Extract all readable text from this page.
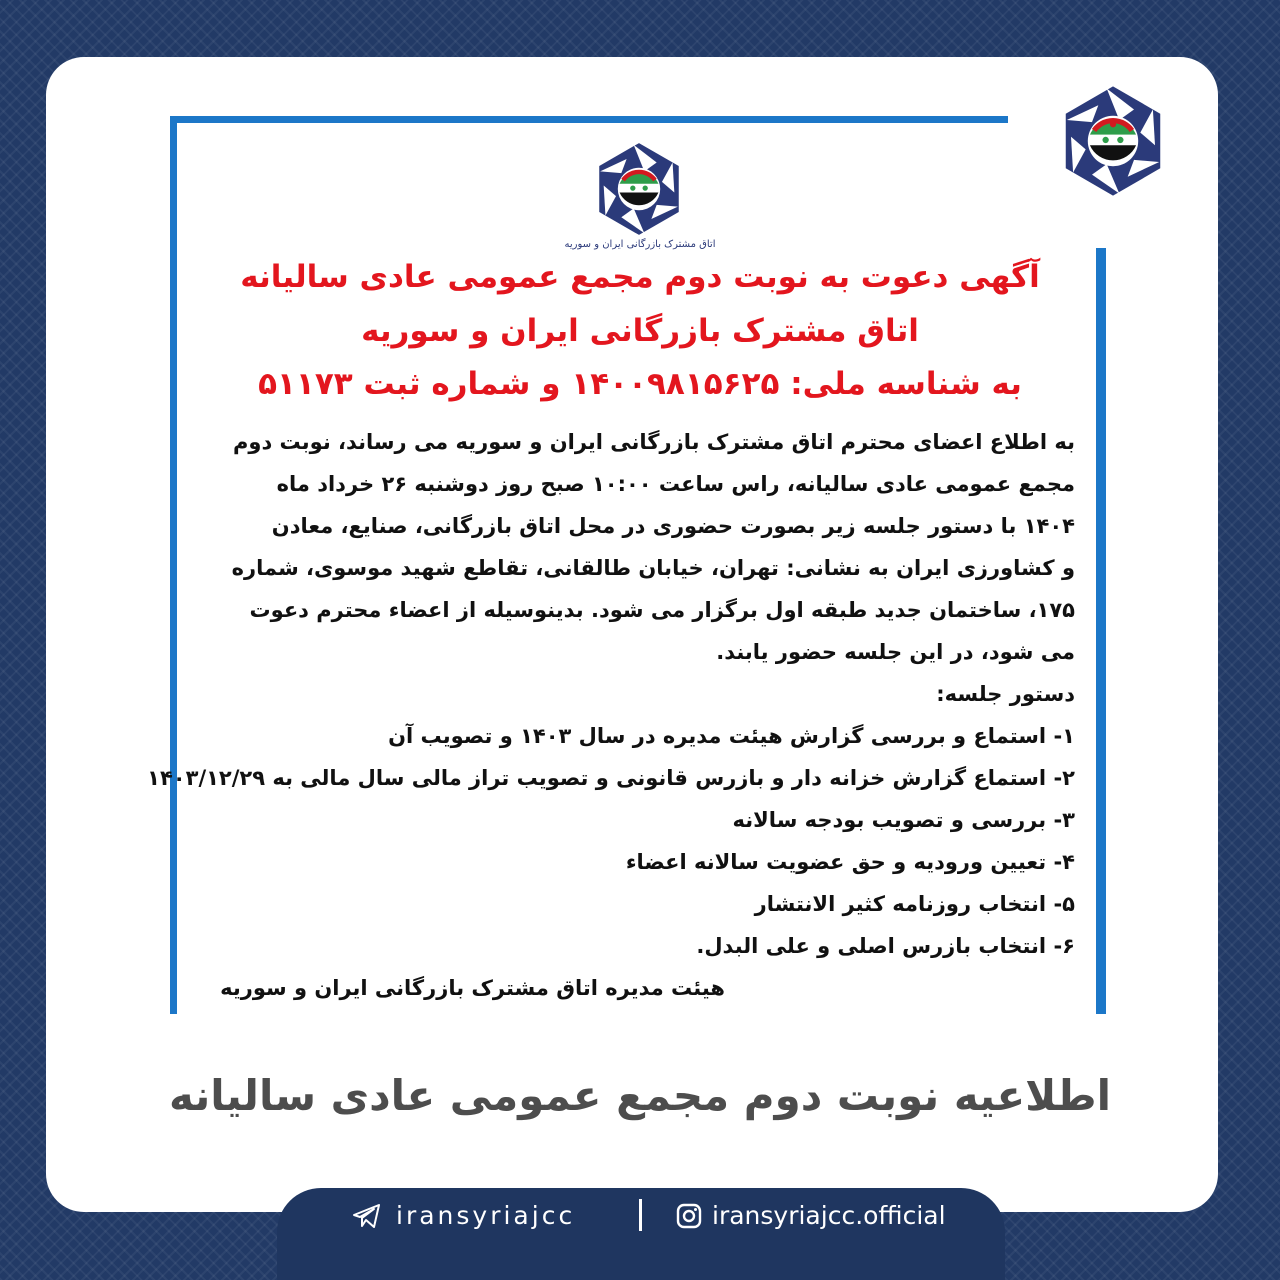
اتاق مشترک بازرگانی ایران و سوریه
آگهی دعوت به نوبت دوم مجمع عمومی عادی سالیانه
اتاق مشترک بازرگانی ایران و سوریه
به شناسه ملی: ۱۴۰۰۹۸۱۵۶۲۵ و شماره ثبت ۵۱۱۷۳
به اطلاع اعضای محترم اتاق مشترک بازرگانی ایران و سوریه می رساند، نوبت دوم
مجمع عمومی عادی سالیانه، راس ساعت ۱۰:۰۰ صبح روز دوشنبه ۲۶ خرداد ماه
۱۴۰۴ با دستور جلسه زیر بصورت حضوری در محل اتاق بازرگانی، صنایع، معادن
و کشاورزی ایران به نشانی: تهران، خیابان طالقانی، تقاطع شهید موسوی، شماره
۱۷۵، ساختمان جدید طبقه اول برگزار می شود. بدینوسیله از اعضاء محترم دعوت
می شود، در این جلسه حضور یابند.
دستور جلسه:
۱- استماع و بررسی گزارش هیئت مدیره در سال ۱۴۰۳ و تصویب آن
۲- استماع گزارش خزانه دار و بازرس قانونی و تصویب تراز مالی سال مالی به ۱۴۰۳/۱۲/۲۹
۳- بررسی و تصویب بودجه سالانه
۴- تعیین ورودیه و حق عضویت سالانه اعضاء
۵- انتخاب روزنامه کثیر الانتشار
۶- انتخاب بازرس اصلی و علی البدل.
هیئت مدیره اتاق مشترک بازرگانی ایران و سوریه
اطلاعیه نوبت دوم مجمع عمومی عادی سالیانه
iransyriajcc	iransyriajcc.official
